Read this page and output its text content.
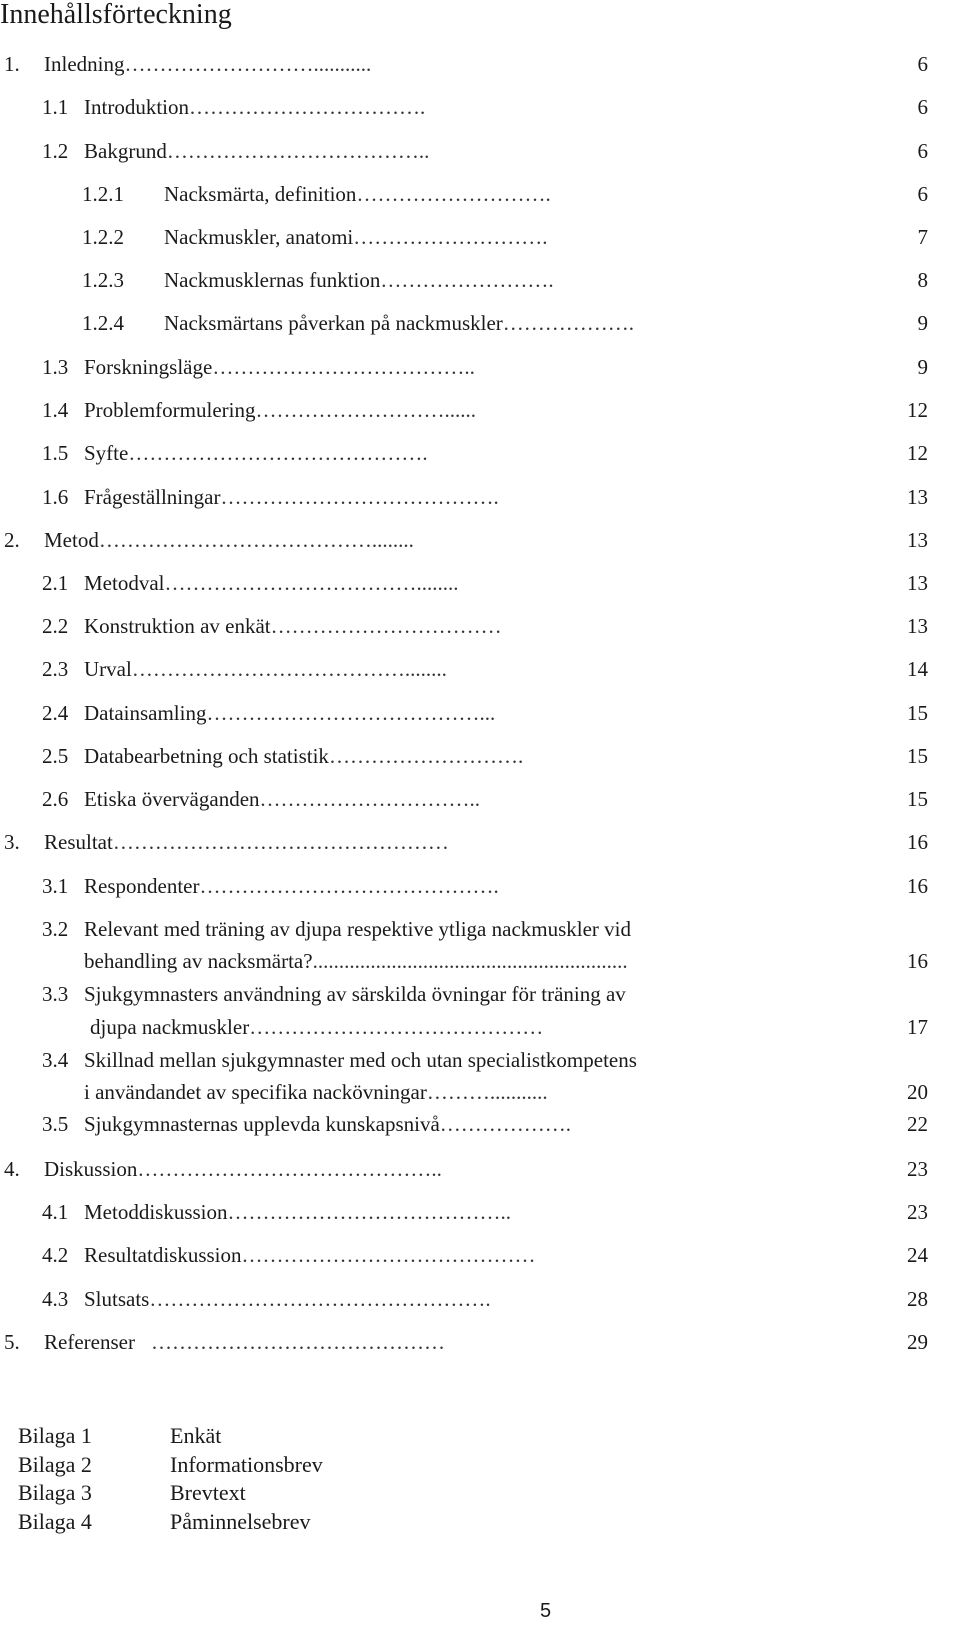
Innehållsförteckning
1. Inledning………………………...........	6
1.1 Introduktion…………………………….	6
1.2 Bakgrund………………………………..	6
1.2.1 Nacksmärta, definition……………………….	6
1.2.2 Nackmuskler, anatomi……………………….	7
1.2.3 Nackmusklernas funktion…………………….	8
1.2.4 Nacksmärtans påverkan på nackmuskler……………….	9
1.3 Forskningsläge………………………………..	9
1.4 Problemformulering………………………......	12
1.5 Syfte…………………………………….	12
1.6 Frågeställningar………………………………….	13
2. Metod…………………………………........	13
2.1 Metodval………………………………........	13
2.2 Konstruktion av enkät……………………………	13
2.3 Urval…………………………………........	14
2.4 Datainsamling…………………………………...	15
2.5 Databearbetning och statistik……………………….	15
2.6 Etiska överväganden…………………………..	15
3. Resultat…………………………………………	16
3.1 Respondenter…………………………………….	16
3.2 Relevant med träning av djupa respektive ytliga nackmuskler vid
behandling av nacksmärta?............................................................	16
3.3 Sjukgymnasters användning av särskilda övningar för träning av
djupa nackmuskler……………………………………	17
3.4 Skillnad mellan sjukgymnaster med och utan specialistkompetens
i användandet av specifika nackövningar………...........	20
3.5 Sjukgymnasternas upplevda kunskapsnivå……………….	22
4. Diskussion……………………………………..	23
4.1 Metoddiskussion…………………………………..	23
4.2 Resultatdiskussion……………………………………	24
4.3 Slutsats………………………………………….	28
5. Referenser ……………………………………	29
Bilaga 1	Enkät
Bilaga 2	Informationsbrev
Bilaga 3	Brevtext
Bilaga 4	Påminnelsebrev
5
